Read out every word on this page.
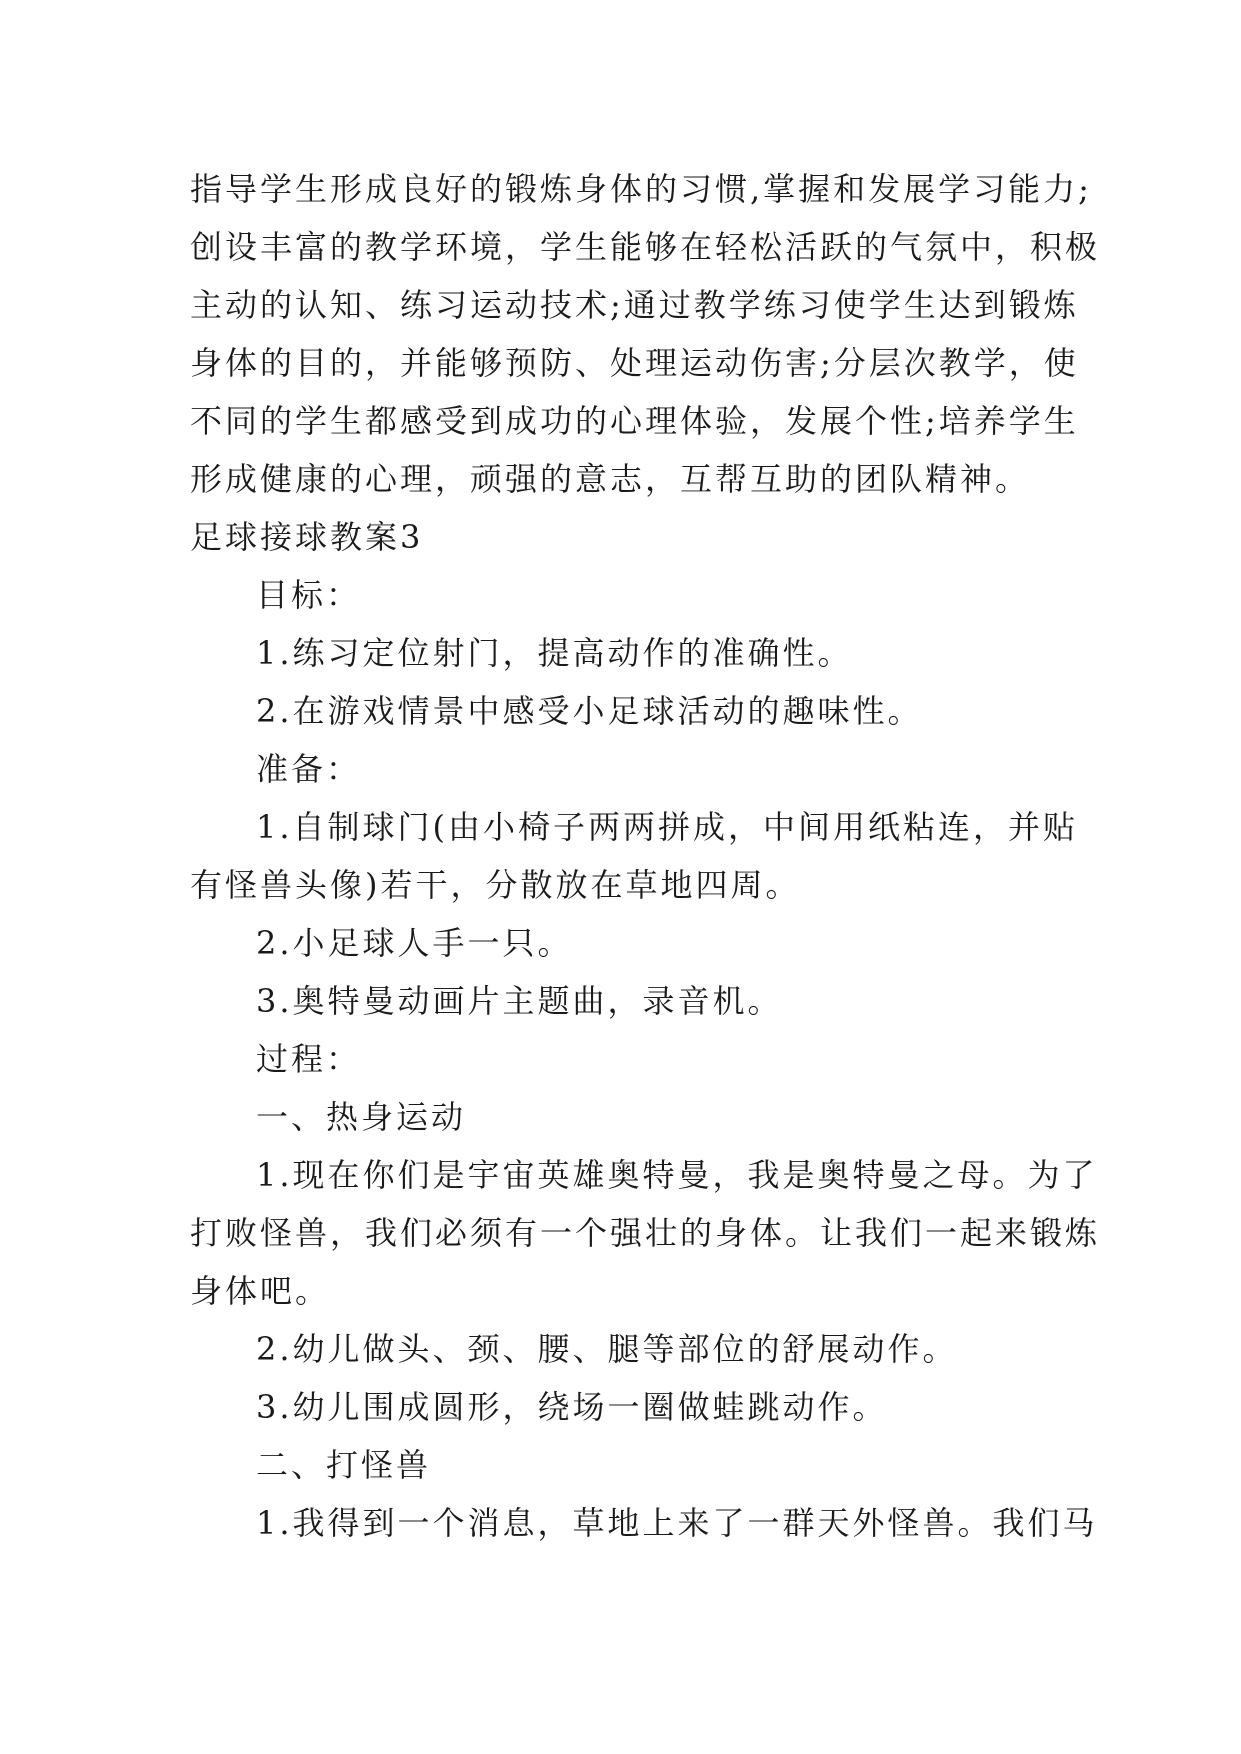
指导学生形成良好的锻炼身体的习惯,掌握和发展学习能力;
创设丰富的教学环境，学生能够在轻松活跃的气氛中，积极
主动的认知、练习运动技术;通过教学练习使学生达到锻炼
身体的目的，并能够预防、处理运动伤害;分层次教学，使
不同的学生都感受到成功的心理体验，发展个性;培养学生
形成健康的心理，顽强的意志，互帮互助的团队精神。
足球接球教案3
目标：
1.练习定位射门，提高动作的准确性。
2.在游戏情景中感受小足球活动的趣味性。
准备：
1.自制球门(由小椅子两两拼成，中间用纸粘连，并贴
有怪兽头像)若干，分散放在草地四周。
2.小足球人手一只。
3.奥特曼动画片主题曲，录音机。
过程：
一、热身运动
1.现在你们是宇宙英雄奥特曼，我是奥特曼之母。为了
打败怪兽，我们必须有一个强壮的身体。让我们一起来锻炼
身体吧。
2.幼儿做头、颈、腰、腿等部位的舒展动作。
3.幼儿围成圆形，绕场一圈做蛙跳动作。
二、打怪兽
1.我得到一个消息，草地上来了一群天外怪兽。我们马
